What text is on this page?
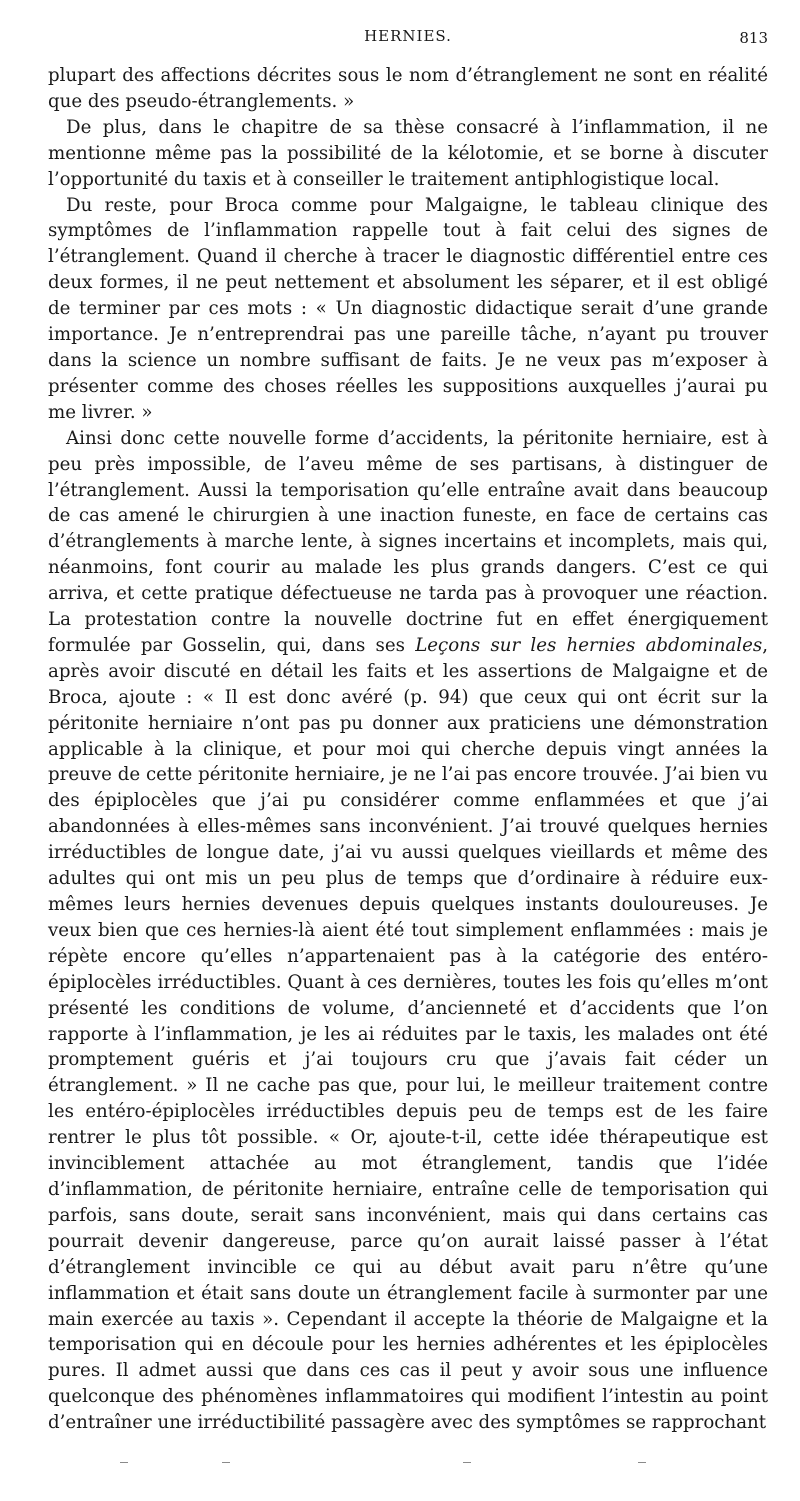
HERNIES.	813

plupart des affections décrites sous le nom d’étranglement ne sont en réalité que des pseudo-étranglements. »

De plus, dans le chapitre de sa thèse consacré à l’inflammation, il ne mentionne même pas la possibilité de la kélotomie, et se borne à discuter l’opportunité du taxis et à conseiller le traitement antiphlogistique local.

Du reste, pour Broca comme pour Malgaigne, le tableau clinique des symptômes de l’inflammation rappelle tout à fait celui des signes de l’étranglement. Quand il cherche à tracer le diagnostic différentiel entre ces deux formes, il ne peut nettement et absolument les séparer, et il est obligé de terminer par ces mots : « Un diagnostic didactique serait d’une grande importance. Je n’entreprendrai pas une pareille tâche, n’ayant pu trouver dans la science un nombre suffisant de faits. Je ne veux pas m’exposer à présenter comme des choses réelles les suppositions auxquelles j’aurai pu me livrer. »

Ainsi donc cette nouvelle forme d’accidents, la péritonite herniaire, est à peu près impossible, de l’aveu même de ses partisans, à distinguer de l’étranglement. Aussi la temporisation qu’elle entraîne avait dans beaucoup de cas amené le chirurgien à une inaction funeste, en face de certains cas d’étranglements à marche lente, à signes incertains et incomplets, mais qui, néanmoins, font courir au malade les plus grands dangers. C’est ce qui arriva, et cette pratique défectueuse ne tarda pas à provoquer une réaction. La protestation contre la nouvelle doctrine fut en effet énergiquement formulée par Gosselin, qui, dans ses Leçons sur les hernies abdominales, après avoir discuté en détail les faits et les assertions de Malgaigne et de Broca, ajoute : « Il est donc avéré (p. 94) que ceux qui ont écrit sur la péritonite herniaire n’ont pas pu donner aux praticiens une démonstration applicable à la clinique, et pour moi qui cherche depuis vingt années la preuve de cette péritonite herniaire, je ne l’ai pas encore trouvée. J’ai bien vu des épiplocèles que j’ai pu considérer comme enflammées et que j’ai abandonnées à elles-mêmes sans inconvénient. J’ai trouvé quelques hernies irréductibles de longue date, j’ai vu aussi quelques vieillards et même des adultes qui ont mis un peu plus de temps que d’ordinaire à réduire eux-mêmes leurs hernies devenues depuis quelques instants douloureuses. Je veux bien que ces hernies-là aient été tout simplement enflammées : mais je répète encore qu’elles n’appartenaient pas à la catégorie des entéro-épiplocèles irréductibles. Quant à ces dernières, toutes les fois qu’elles m’ont présenté les conditions de volume, d’ancienneté et d’accidents que l’on rapporte à l’inflammation, je les ai réduites par le taxis, les malades ont été promptement guéris et j’ai toujours cru que j’avais fait céder un étranglement. » Il ne cache pas que, pour lui, le meilleur traitement contre les entéro-épiplocèles irréductibles depuis peu de temps est de les faire rentrer le plus tôt possible. « Or, ajoute-t-il, cette idée thérapeutique est invinciblement attachée au mot étranglement, tandis que l’idée d’inflammation, de péritonite herniaire, entraîne celle de temporisation qui parfois, sans doute, serait sans inconvénient, mais qui dans certains cas pourrait devenir dangereuse, parce qu’on aurait laissé passer à l’état d’étranglement invincible ce qui au début avait paru n’être qu’une inflammation et était sans doute un étranglement facile à surmonter par une main exercée au taxis ». Cependant il accepte la théorie de Malgaigne et la temporisation qui en découle pour les hernies adhérentes et les épiplocèles pures. Il admet aussi que dans ces cas il peut y avoir sous une influence quelconque des phénomènes inflammatoires qui modifient l’intestin au point d’entraîner une irréductibilité passagère avec des symptômes se rapprochant
